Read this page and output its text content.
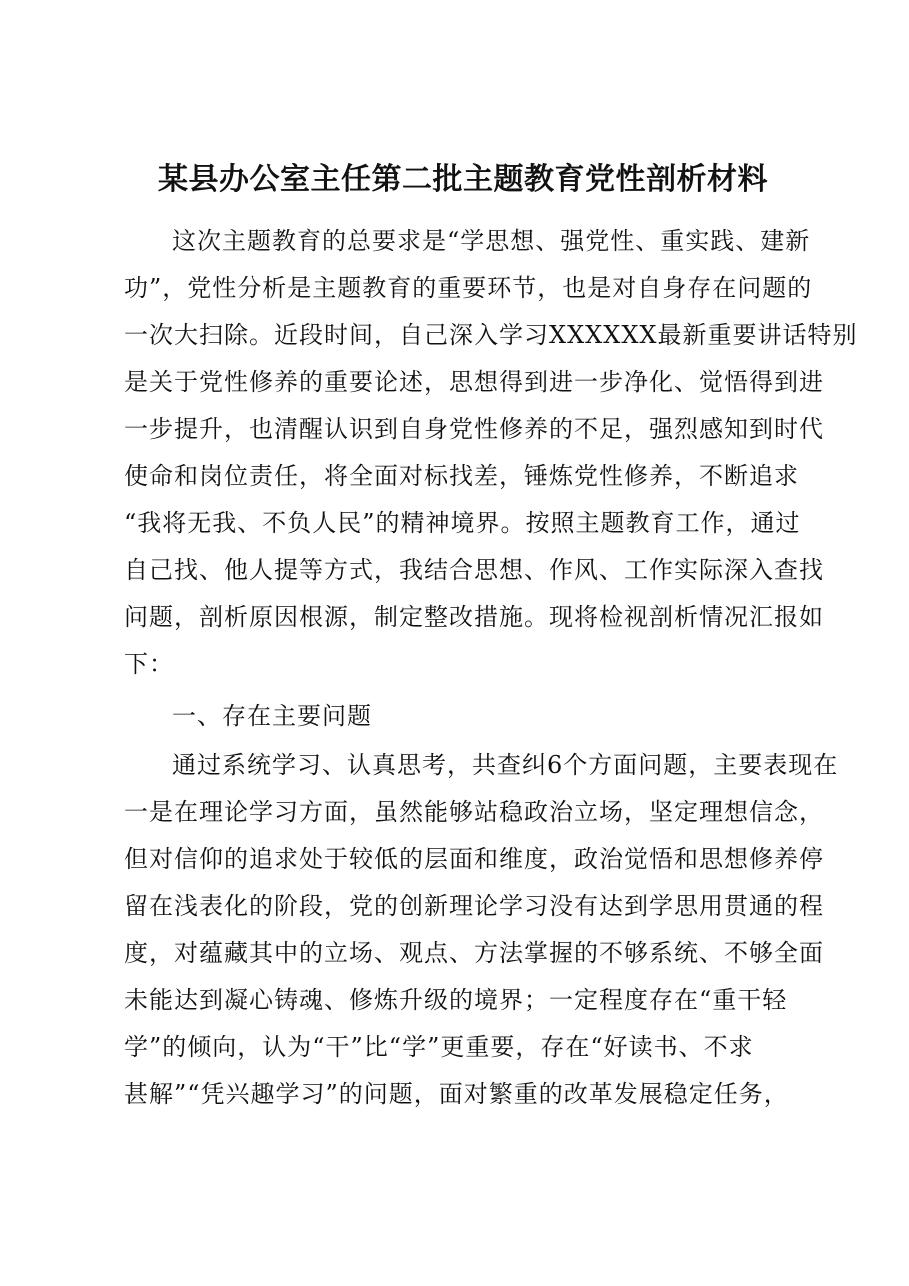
某县办公室主任第二批主题教育党性剖析材料

这次主题教育的总要求是“学思想、强党性、重实践、建新

功”，党性分析是主题教育的重要环节，也是对自身存在问题的

一次大扫除。近段时间，自己深入学习XXXXXX最新重要讲话特别

是关于党性修养的重要论述，思想得到进一步净化、觉悟得到进

一步提升，也清醒认识到自身党性修养的不足，强烈感知到时代

使命和岗位责任，将全面对标找差，锤炼党性修养，不断追求

“我将无我、不负人民”的精神境界。按照主题教育工作，通过

自己找、他人提等方式，我结合思想、作风、工作实际深入查找

问题，剖析原因根源，制定整改措施。现将检视剖析情况汇报如

下：

一、存在主要问题

通过系统学习、认真思考，共查纠6个方面问题，主要表现在

一是在理论学习方面，虽然能够站稳政治立场，坚定理想信念，

但对信仰的追求处于较低的层面和维度，政治觉悟和思想修养停

留在浅表化的阶段，党的创新理论学习没有达到学思用贯通的程

度，对蕴藏其中的立场、观点、方法掌握的不够系统、不够全面

未能达到凝心铸魂、修炼升级的境界；一定程度存在“重干轻

学”的倾向，认为“干”比“学”更重要，存在“好读书、不求

甚解”“凭兴趣学习”的问题，面对繁重的改革发展稳定任务，
